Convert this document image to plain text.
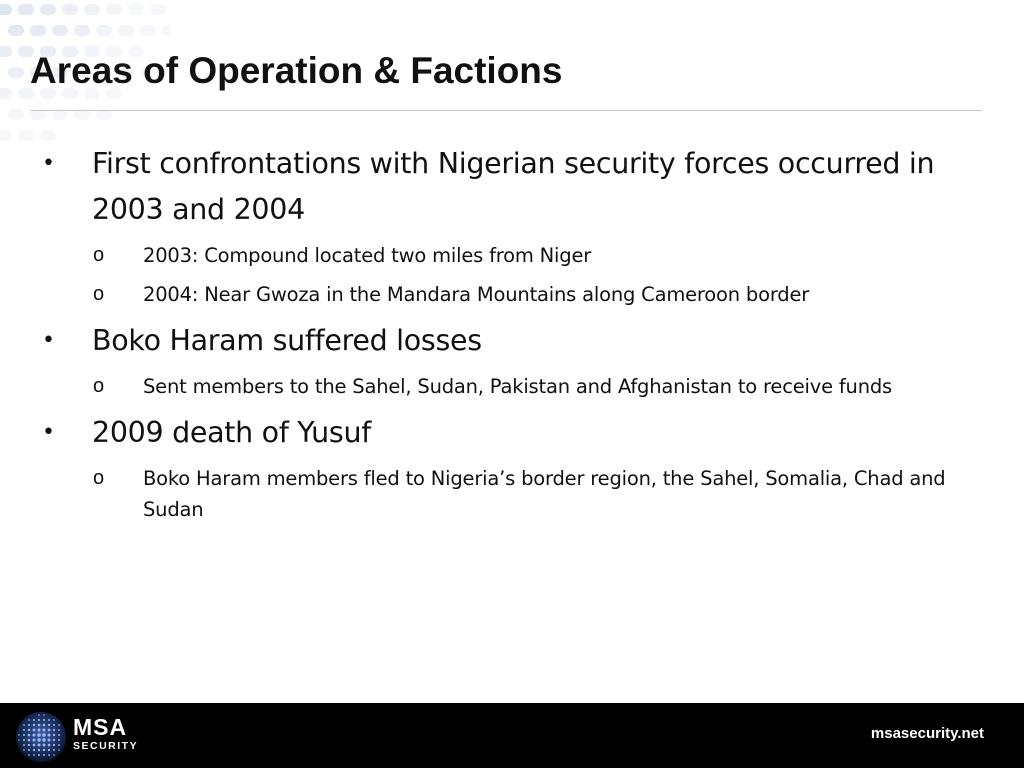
Areas of Operation & Factions
• First confrontations with Nigerian security forces occurred in 2003 and 2004
o 2003: Compound located two miles from Niger
o 2004: Near Gwoza in the Mandara Mountains along Cameroon border
• Boko Haram suffered losses
o Sent members to the Sahel, Sudan, Pakistan and Afghanistan to receive funds
• 2009 death of Yusuf
o Boko Haram members fled to Nigeria’s border region, the Sahel, Somalia, Chad and Sudan
MSA
SECURITY
msasecurity.net
